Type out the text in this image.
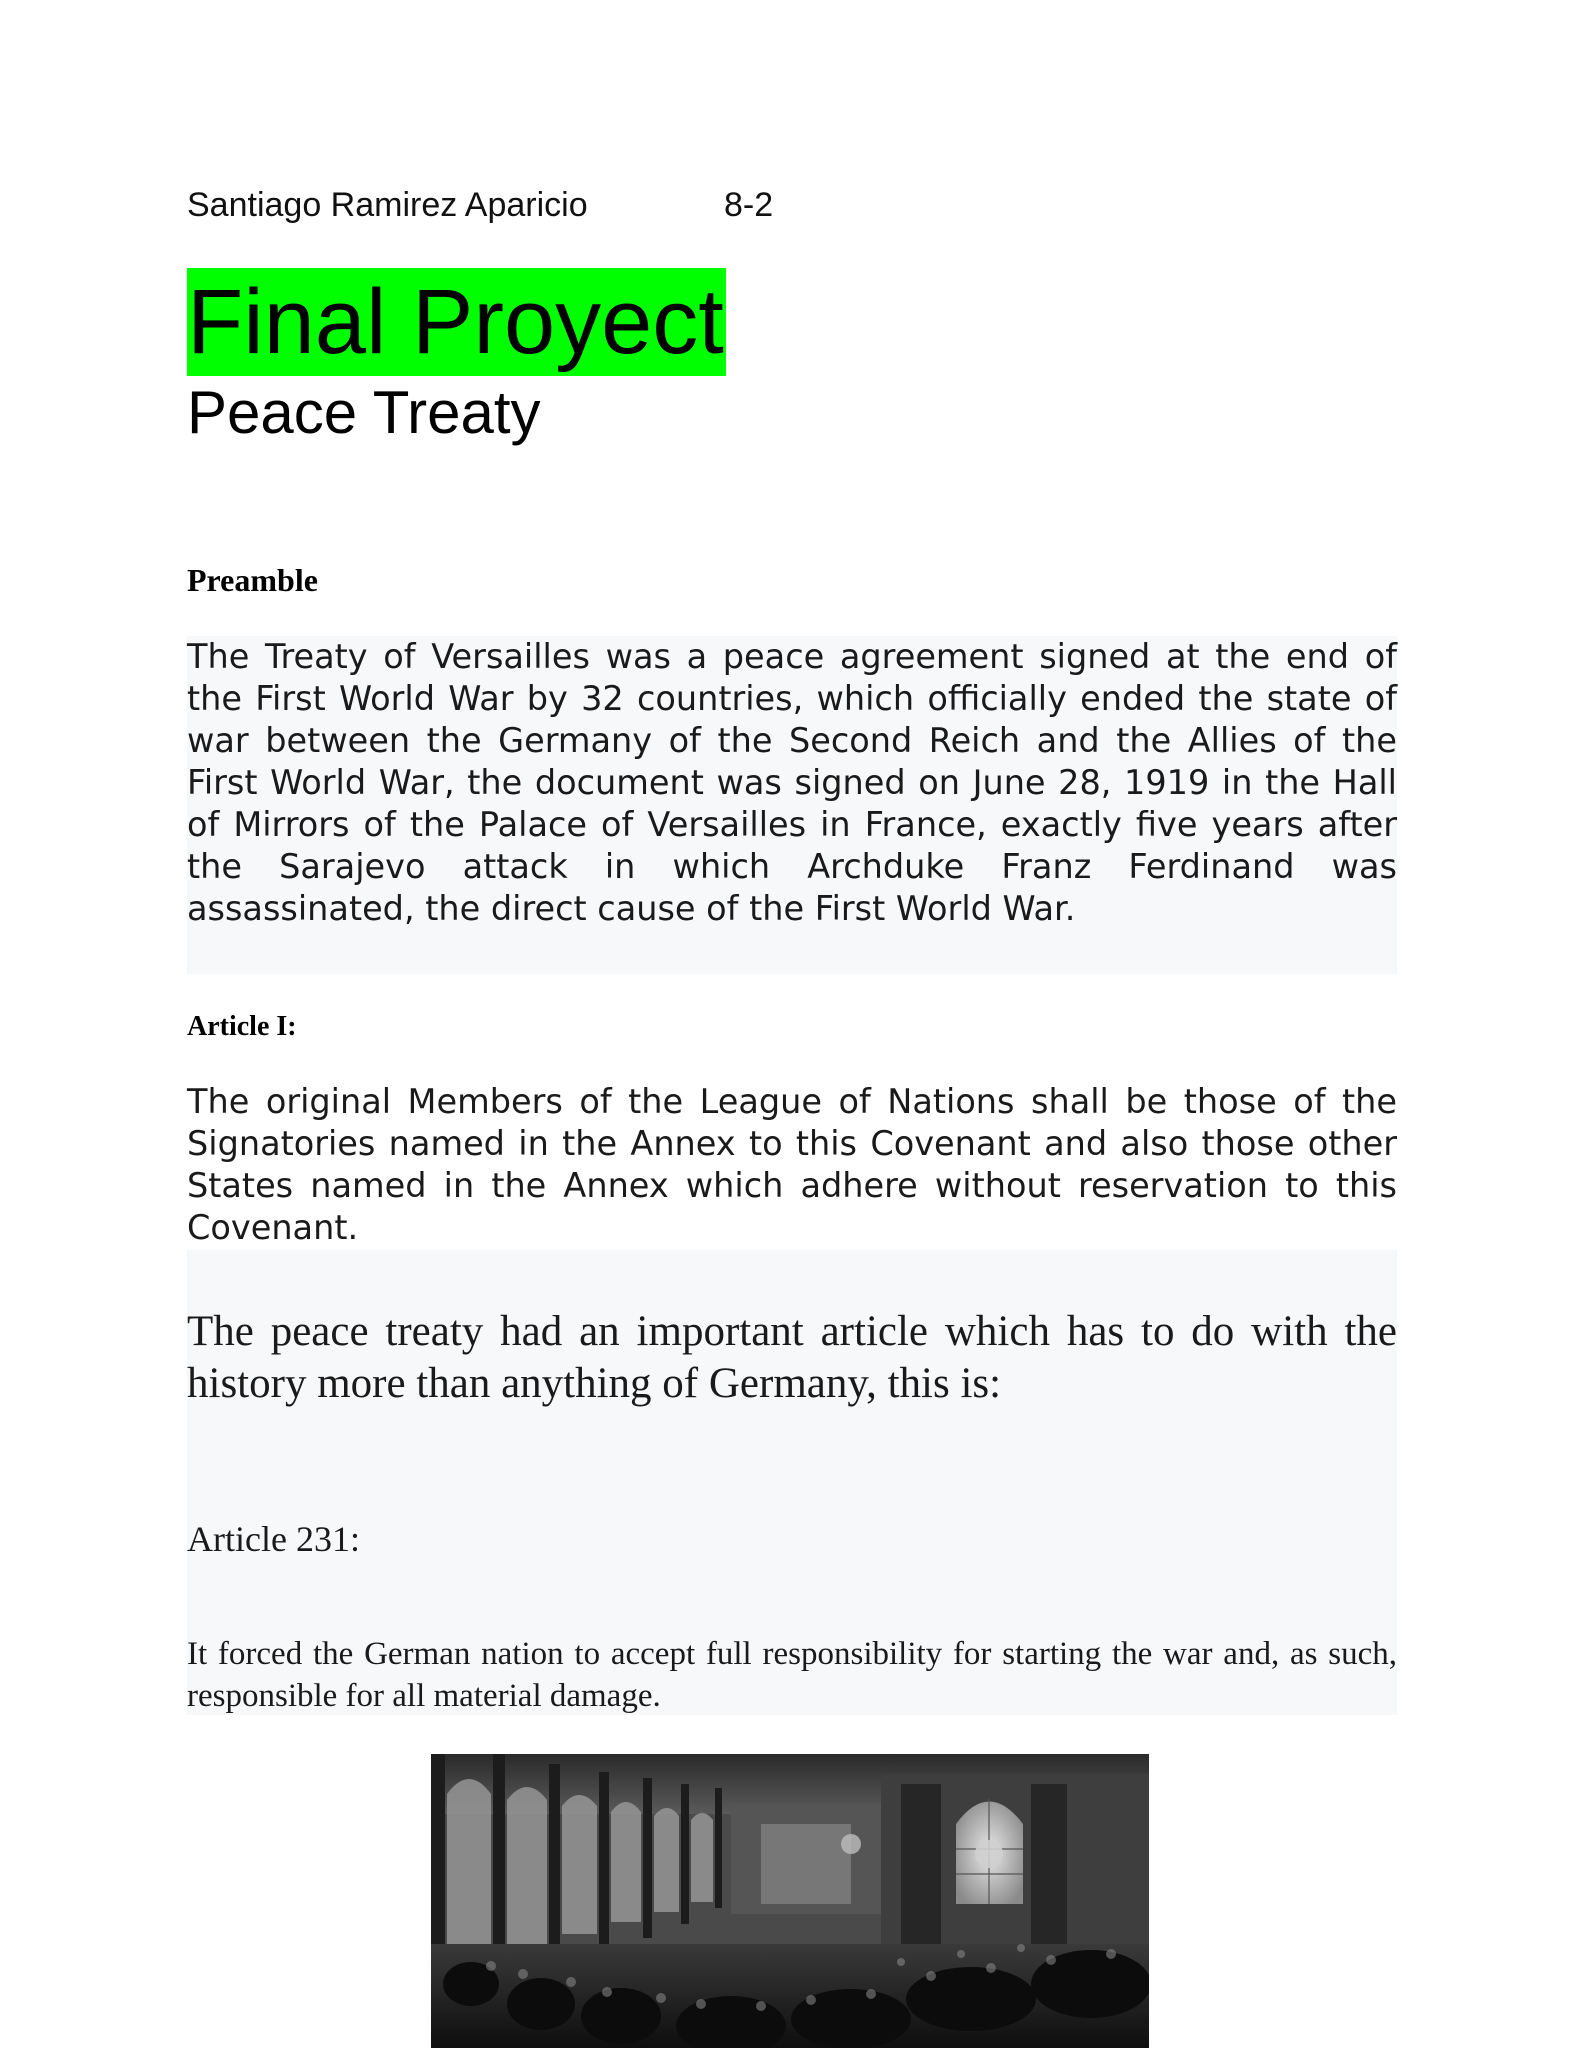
Santiago Ramirez Aparicio	8-2
Final Proyect
Peace Treaty
Preamble

The Treaty of Versailles was a peace agreement signed at the end of the First World War by 32 countries, which officially ended the state of war between the Germany of the Second Reich and the Allies of the First World War, the document was signed on June 28, 1919 in the Hall of Mirrors of the Palace of Versailles in France, exactly five years after the Sarajevo attack in which Archduke Franz Ferdinand was assassinated, the direct cause of the First World War.

Article I:

The original Members of the League of Nations shall be those of the Signatories named in the Annex to this Covenant and also those other States named in the Annex which adhere without reservation to this Covenant.

The peace treaty had an important article which has to do with the history more than anything of Germany, this is:

Article 231:

It forced the German nation to accept full responsibility for starting the war and, as such, responsible for all material damage.
